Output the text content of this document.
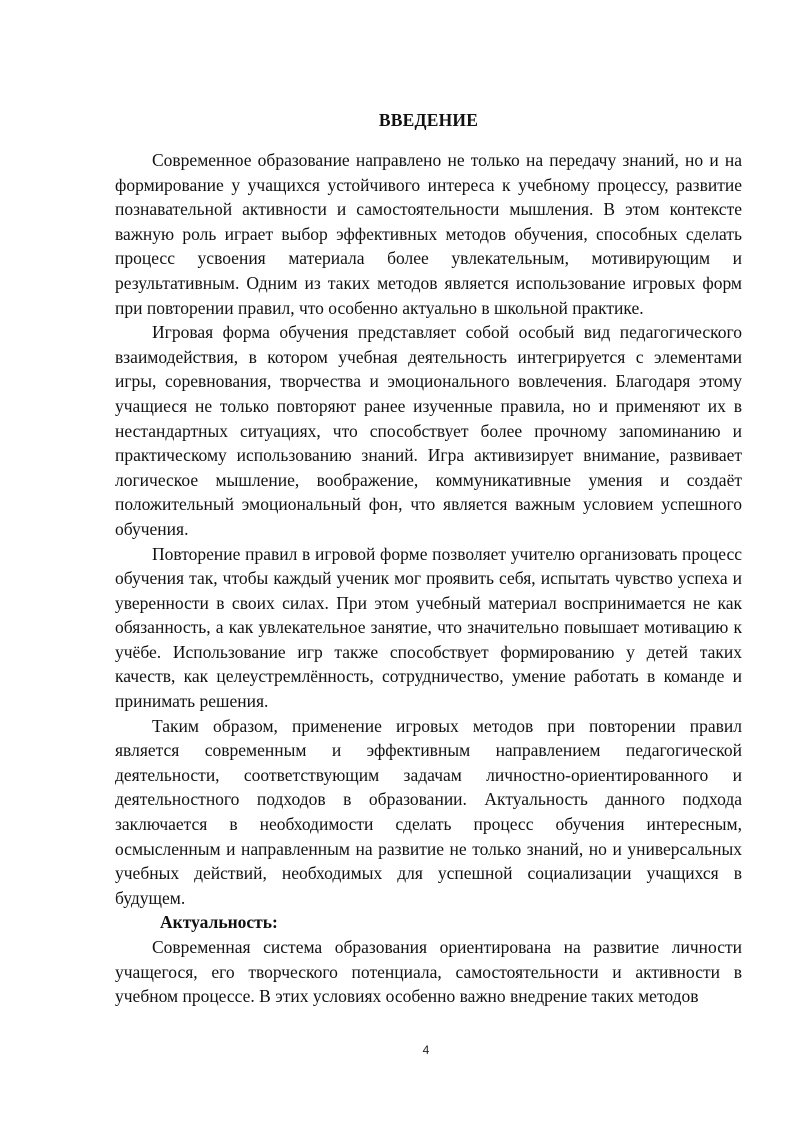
ВВЕДЕНИЕ

Современное образование направлено не только на передачу знаний, но и на формирование у учащихся устойчивого интереса к учебному процессу, развитие познавательной активности и самостоятельности мышления. В этом контексте важную роль играет выбор эффективных методов обучения, способных сделать процесс усвоения материала более увлекательным, мотивирующим и результативным. Одним из таких методов является использование игровых форм при повторении правил, что особенно актуально в школьной практике.

Игровая форма обучения представляет собой особый вид педагогического взаимодействия, в котором учебная деятельность интегрируется с элементами игры, соревнования, творчества и эмоционального вовлечения. Благодаря этому учащиеся не только повторяют ранее изученные правила, но и применяют их в нестандартных ситуациях, что способствует более прочному запоминанию и практическому использованию знаний. Игра активизирует внимание, развивает логическое мышление, воображение, коммуникативные умения и создаёт положительный эмоциональный фон, что является важным условием успешного обучения.

Повторение правил в игровой форме позволяет учителю организовать процесс обучения так, чтобы каждый ученик мог проявить себя, испытать чувство успеха и уверенности в своих силах. При этом учебный материал воспринимается не как обязанность, а как увлекательное занятие, что значительно повышает мотивацию к учёбе. Использование игр также способствует формированию у детей таких качеств, как целеустремлённость, сотрудничество, умение работать в команде и принимать решения.

Таким образом, применение игровых методов при повторении правил является современным и эффективным направлением педагогической деятельности, соответствующим задачам личностно-ориентированного и деятельностного подходов в образовании. Актуальность данного подхода заключается в необходимости сделать процесс обучения интересным, осмысленным и направленным на развитие не только знаний, но и универсальных учебных действий, необходимых для успешной социализации учащихся в будущем.

Актуальность:

Современная система образования ориентирована на развитие личности учащегося, его творческого потенциала, самостоятельности и активности в учебном процессе. В этих условиях особенно важно внедрение таких методов

4
